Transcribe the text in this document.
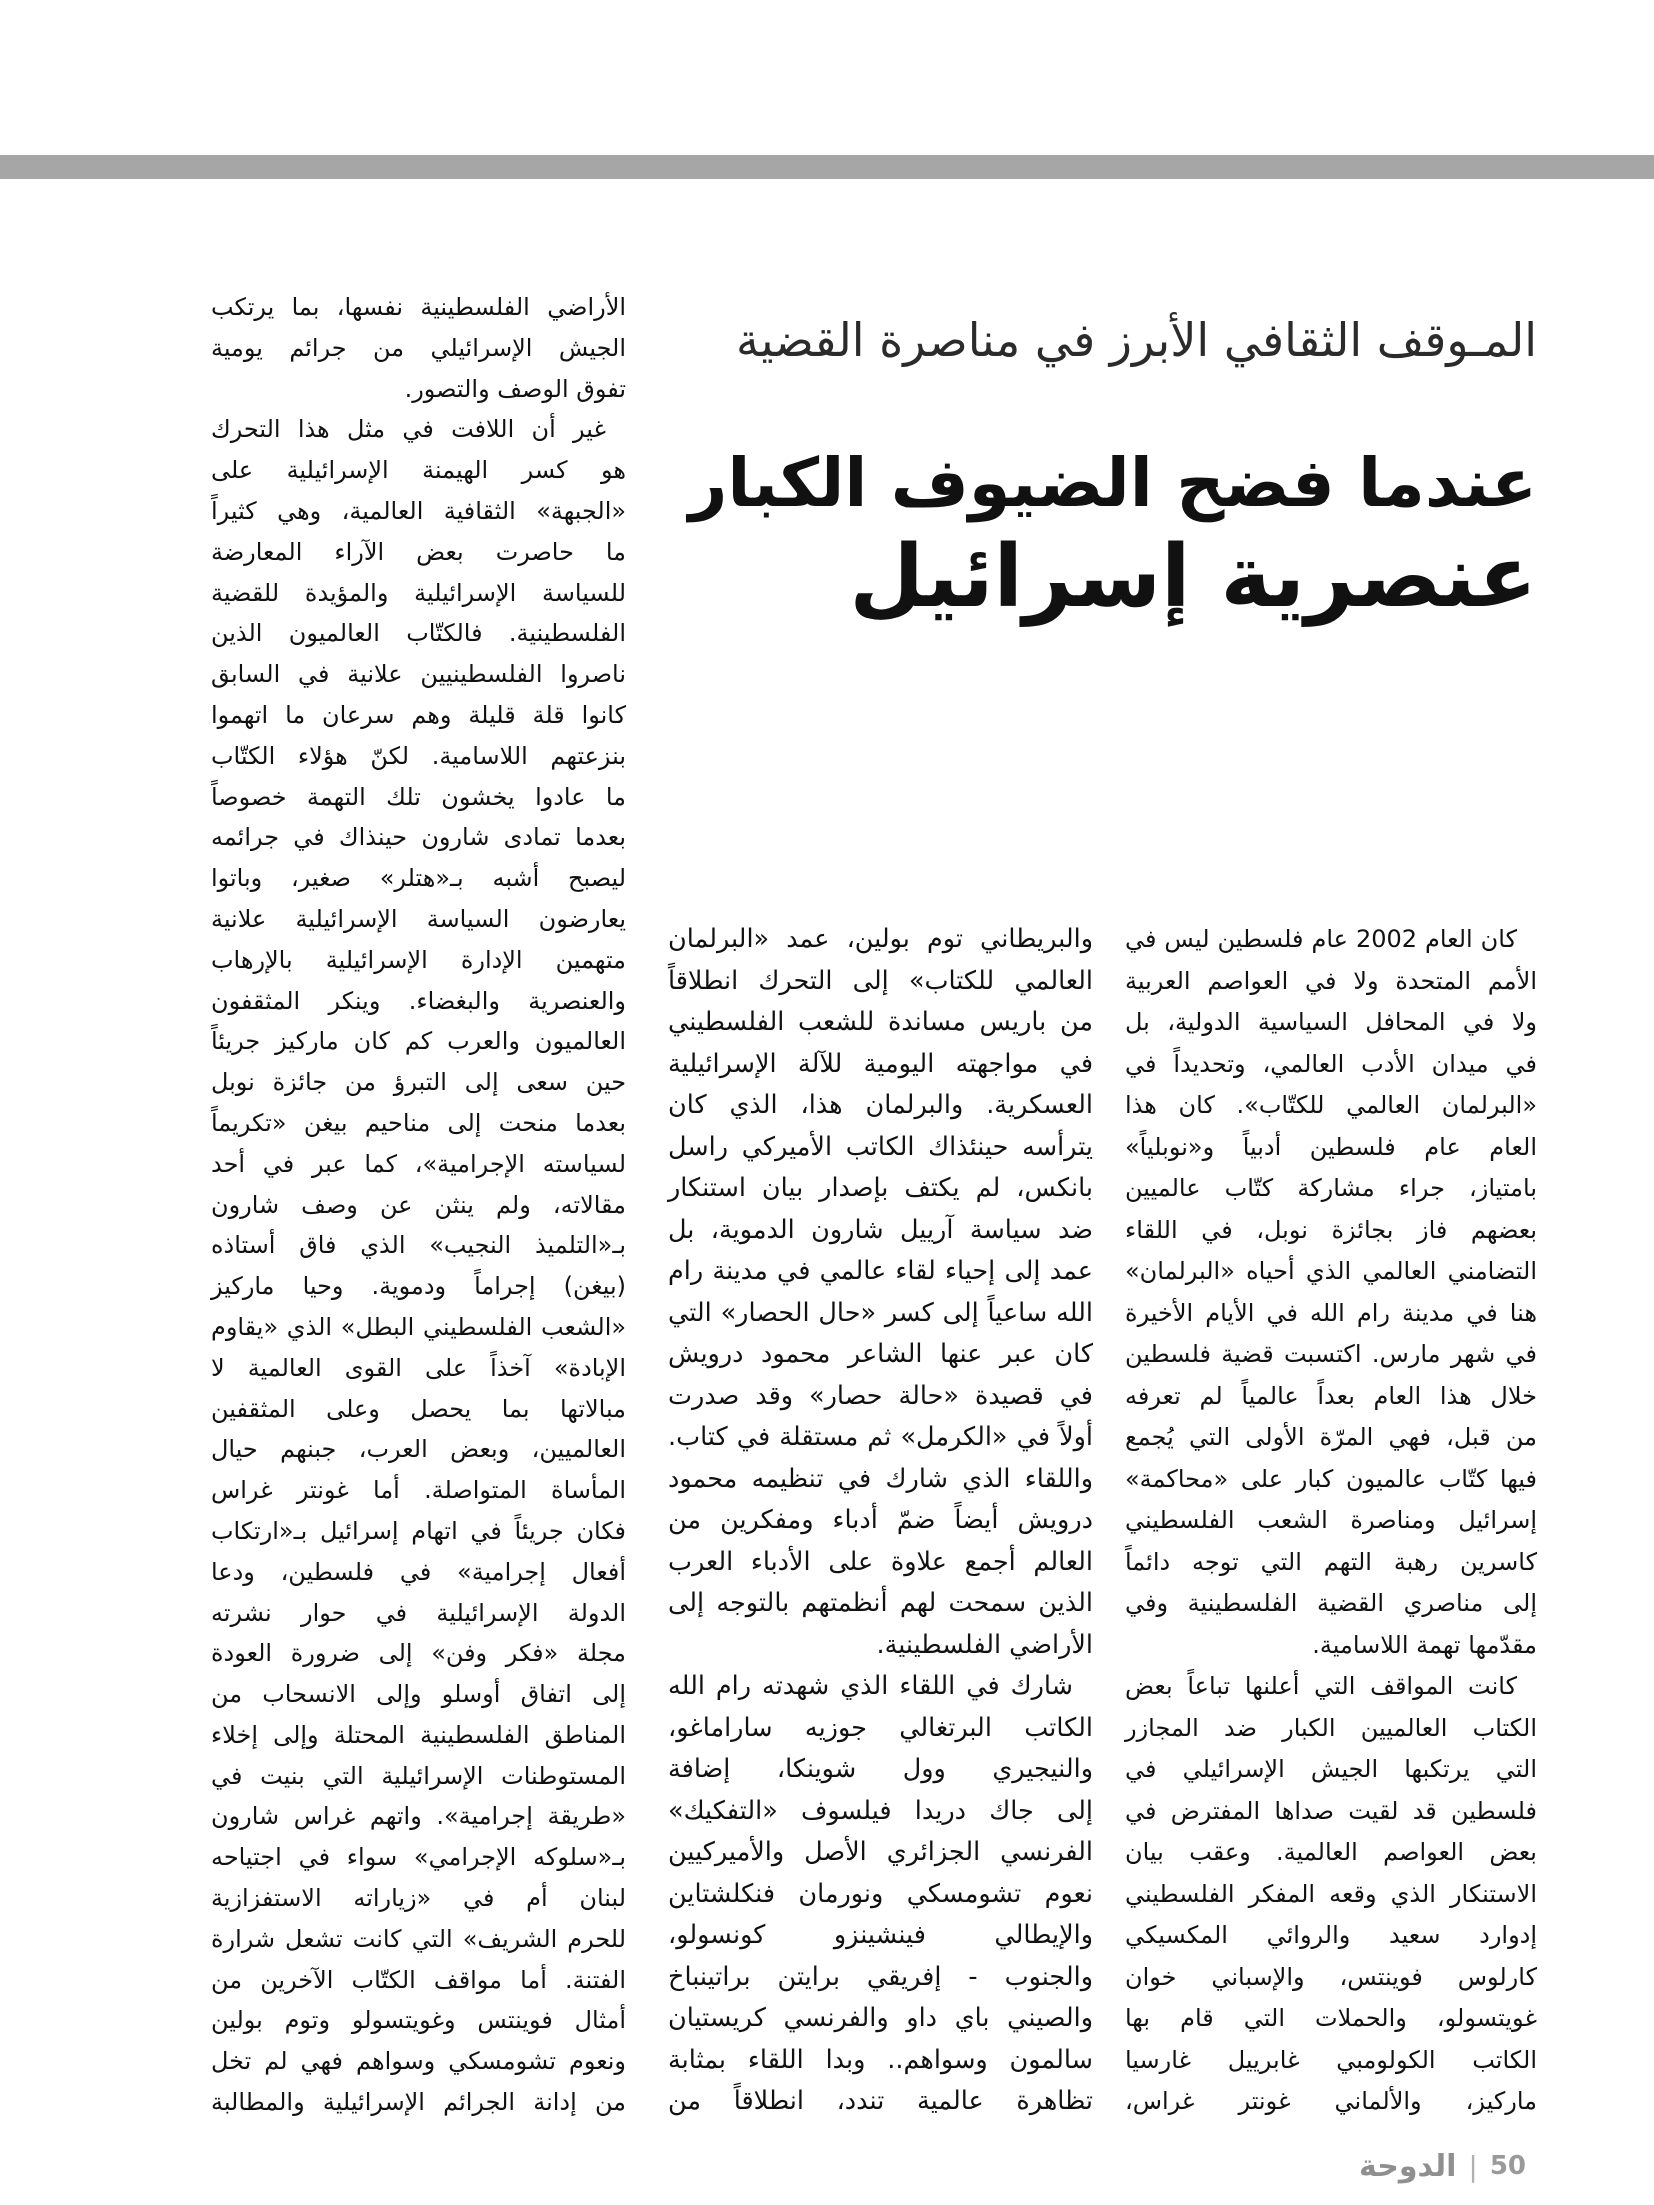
المـوقف الثقافي الأبرز في مناصرة القضية
عندما فضح الضيوف الكبار
عنصرية إسرائيل
كان العام 2002 عام فلسطين ليس في
الأمم المتحدة ولا في العواصم العربية
ولا في المحافل السياسية الدولية، بل
في ميدان الأدب العالمي، وتحديداً في
«البرلمان العالمي للكتّاب». كان هذا
العام عام فلسطين أدبياً و«نوبلياً»
بامتياز، جراء مشاركة كتّاب عالميين
بعضهم فاز بجائزة نوبل، في اللقاء
التضامني العالمي الذي أحياه «البرلمان»
هنا في مدينة رام الله في الأيام الأخيرة
في شهر مارس. اكتسبت قضية فلسطين
خلال هذا العام بعداً عالمياً لم تعرفه
من قبل، فهي المرّة الأولى التي يُجمع
فيها كتّاب عالميون كبار على «محاكمة»
إسرائيل ومناصرة الشعب الفلسطيني
كاسرين رهبة التهم التي توجه دائماً
إلى مناصري القضية الفلسطينية وفي
مقدّمها تهمة اللاسامية.
كانت المواقف التي أعلنها تباعاً بعض
الكتاب العالميين الكبار ضد المجازر
التي يرتكبها الجيش الإسرائيلي في
فلسطين قد لقيت صداها المفترض في
بعض العواصم العالمية. وعقب بيان
الاستنكار الذي وقعه المفكر الفلسطيني
إدوارد سعيد والروائي المكسيكي
كارلوس فوينتس، والإسباني خوان
غويتسولو، والحملات التي قام بها
الكاتب الكولومبي غابرييل غارسيا
ماركيز، والألماني غونتر غراس،
والبريطاني توم بولين، عمد «البرلمان
العالمي للكتاب» إلى التحرك انطلاقاً
من باريس مساندة للشعب الفلسطيني
في مواجهته اليومية للآلة الإسرائيلية
العسكرية. والبرلمان هذا، الذي كان
يترأسه حينئذاك الكاتب الأميركي راسل
بانكس، لم يكتف بإصدار بيان استنكار
ضد سياسة آرييل شارون الدموية، بل
عمد إلى إحياء لقاء عالمي في مدينة رام
الله ساعياً إلى كسر «حال الحصار» التي
كان عبر عنها الشاعر محمود درويش
في قصيدة «حالة حصار» وقد صدرت
أولاً في «الكرمل» ثم مستقلة في كتاب.
واللقاء الذي شارك في تنظيمه محمود
درويش أيضاً ضمّ أدباء ومفكرين من
العالم أجمع علاوة على الأدباء العرب
الذين سمحت لهم أنظمتهم بالتوجه إلى
الأراضي الفلسطينية.
شارك في اللقاء الذي شهدته رام الله
الكاتب البرتغالي جوزيه ساراماغو،
والنيجيري وول شوينكا، إضافة
إلى جاك دريدا فيلسوف «التفكيك»
الفرنسي الجزائري الأصل والأميركيين
نعوم تشومسكي ونورمان فنكلشتاين
والإيطالي فينشينزو كونسولو،
والجنوب - إفريقي برايتن براتينباخ
والصيني باي داو والفرنسي كريستيان
سالمون وسواهم.. وبدا اللقاء بمثابة
تظاهرة عالمية تندد، انطلاقاً من
الأراضي الفلسطينية نفسها، بما يرتكب
الجيش الإسرائيلي من جرائم يومية
تفوق الوصف والتصور.
غير أن اللافت في مثل هذا التحرك
هو كسر الهيمنة الإسرائيلية على
«الجبهة» الثقافية العالمية، وهي كثيراً
ما حاصرت بعض الآراء المعارضة
للسياسة الإسرائيلية والمؤيدة للقضية
الفلسطينية. فالكتّاب العالميون الذين
ناصروا الفلسطينيين علانية في السابق
كانوا قلة قليلة وهم سرعان ما اتهموا
بنزعتهم اللاسامية. لكنّ هؤلاء الكتّاب
ما عادوا يخشون تلك التهمة خصوصاً
بعدما تمادى شارون حينذاك في جرائمه
ليصبح أشبه بـ«هتلر» صغير، وباتوا
يعارضون السياسة الإسرائيلية علانية
متهمين الإدارة الإسرائيلية بالإرهاب
والعنصرية والبغضاء. وينكر المثقفون
العالميون والعرب كم كان ماركيز جريئاً
حين سعى إلى التبرؤ من جائزة نوبل
بعدما منحت إلى مناحيم بيغن «تكريماً
لسياسته الإجرامية»، كما عبر في أحد
مقالاته، ولم ينثن عن وصف شارون
بـ«التلميذ النجيب» الذي فاق أستاذه
(بيغن) إجراماً ودموية. وحيا ماركيز
«الشعب الفلسطيني البطل» الذي «يقاوم
الإبادة» آخذاً على القوى العالمية لا
مبالاتها بما يحصل وعلى المثقفين
العالميين، وبعض العرب، جبنهم حيال
المأساة المتواصلة. أما غونتر غراس
فكان جريئاً في اتهام إسرائيل بـ«ارتكاب
أفعال إجرامية» في فلسطين، ودعا
الدولة الإسرائيلية في حوار نشرته
مجلة «فكر وفن» إلى ضرورة العودة
إلى اتفاق أوسلو وإلى الانسحاب من
المناطق الفلسطينية المحتلة وإلى إخلاء
المستوطنات الإسرائيلية التي بنيت في
«طريقة إجرامية». واتهم غراس شارون
بـ«سلوكه الإجرامي» سواء في اجتياحه
لبنان أم في «زياراته الاستفزازية
للحرم الشريف» التي كانت تشعل شرارة
الفتنة. أما مواقف الكتّاب الآخرين من
أمثال فوينتس وغويتسولو وتوم بولين
ونعوم تشومسكي وسواهم فهي لم تخل
من إدانة الجرائم الإسرائيلية والمطالبة
50
|
الدوحة
